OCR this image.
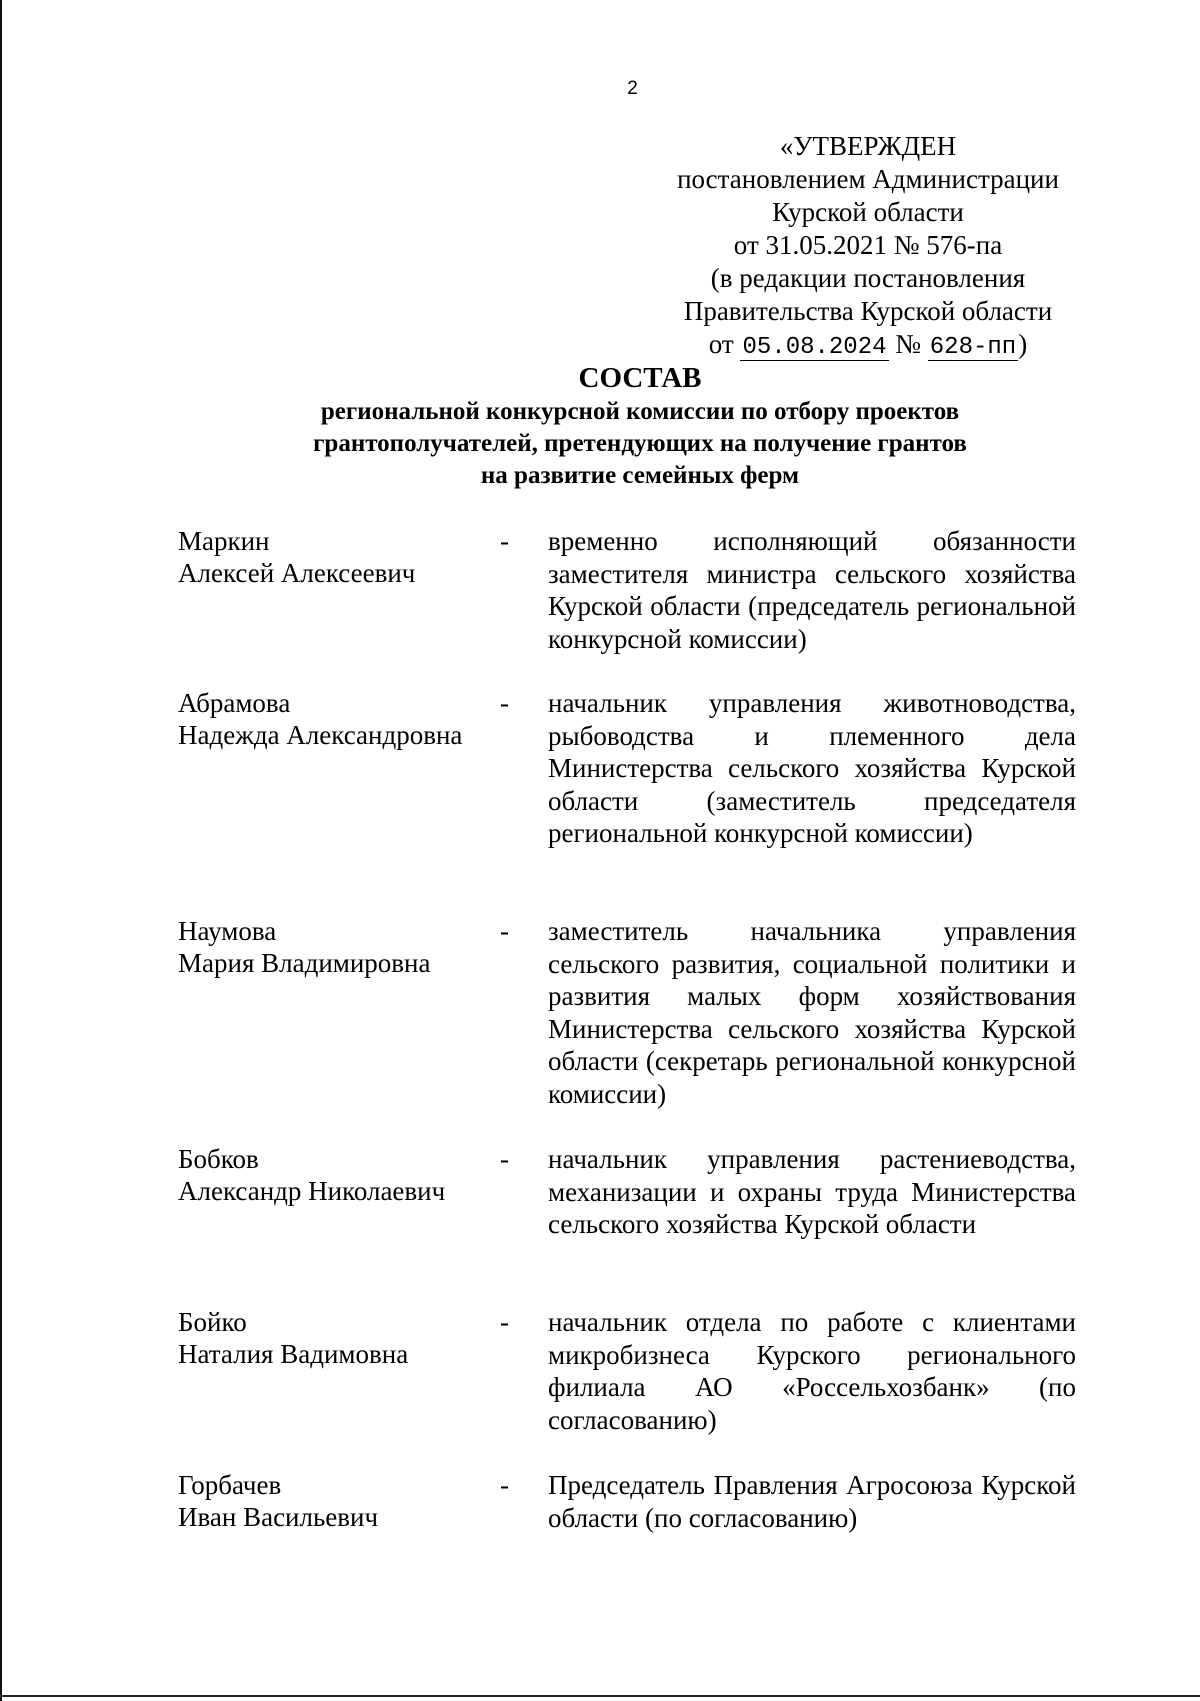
2
«УТВЕРЖДЕН
постановлением Администрации
Курской области
от 31.05.2021 № 576-па
(в редакции постановления
Правительства Курской области
от 05.08.2024 № 628-пп)
СОСТАВ
региональной конкурсной комиссии по отбору проектов
грантополучателей, претендующих на получение грантов
на развитие семейных ферм
Маркин
Алексей Алексеевич
- временно исполняющий обязанности заместителя министра сельского хозяйства Курской области (председатель региональной конкурсной комиссии)
Абрамова
Надежда Александровна
- начальник управления животноводства, рыбоводства и племенного дела Министерства сельского хозяйства Курской области (заместитель председателя региональной конкурсной комиссии)
Наумова
Мария Владимировна
- заместитель начальника управления сельского развития, социальной политики и развития малых форм хозяйствования Министерства сельского хозяйства Курской области (секретарь региональной конкурсной комиссии)
Бобков
Александр Николаевич
- начальник управления растениеводства, механизации и охраны труда Министерства сельского хозяйства Курской области
Бойко
Наталия Вадимовна
- начальник отдела по работе с клиентами микробизнеса Курского регионального филиала АО «Россельхозбанк» (по согласованию)
Горбачев
Иван Васильевич
- Председатель Правления Агросоюза Курской области (по согласованию)
